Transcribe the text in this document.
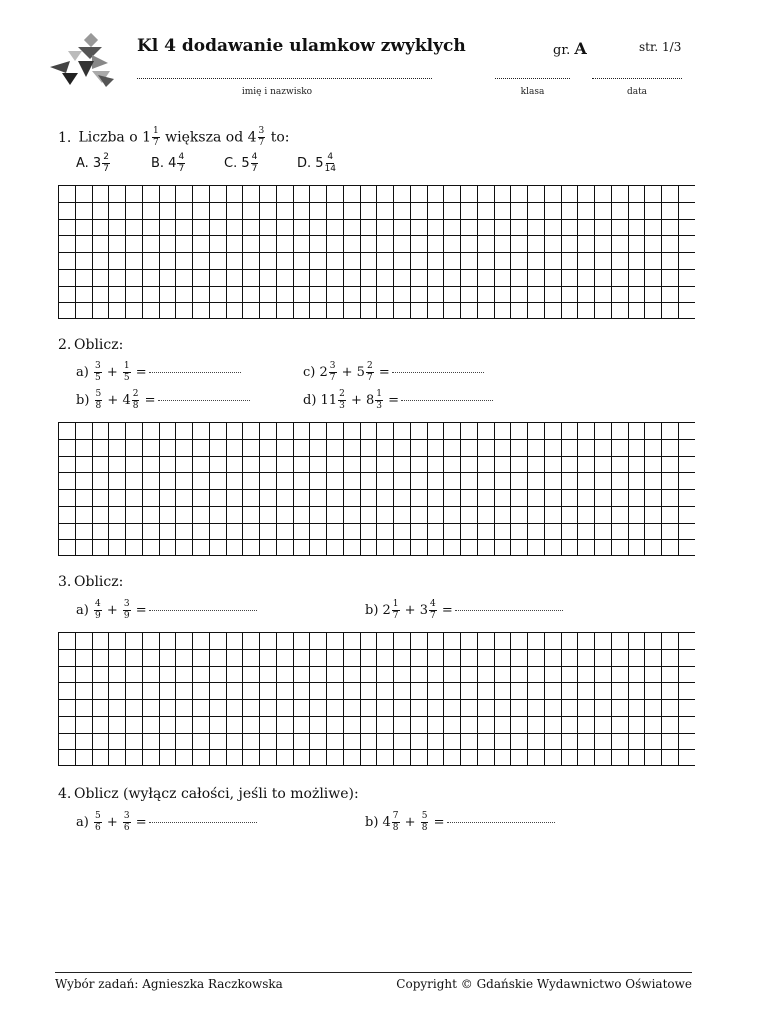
Kl 4 dodawanie ulamkow zwyklych	gr. A	str. 1/3
imię i nazwisko	klasa	data
1. Liczba o $1 \frac{1}{7}$ większa od $4 \frac{3}{7}$ to:
A. $3 \frac{2}{7}$	B. $4 \frac{4}{7}$	C. $5 \frac{4}{7}$	D. $5 \frac{4}{14}$
2. Oblicz:
$a) \frac{3}{5} + \frac{1}{5}$ =	c) $2 \frac{3}{7} + 5 \frac{2}{7}$ =
$b) \frac{5}{8} + 4 \frac{2}{8}$ =	d) $11 \frac{2}{3} + 8 \frac{1}{3}$ =
3. Oblicz:
$a) \frac{4}{9} + \frac{3}{9}$ =	b) $2 \frac{1}{7} + 3 \frac{4}{7}$ =
4. Oblicz (wyłącz całości, jeśli to możliwe):
$a) \frac{5}{6} + \frac{3}{6}$ =	b) $4 \frac{7}{8} + \frac{5}{8}$ =
Wybór zadań: Agnieszka Raczkowska	Copyright © Gdańskie Wydawnictwo Oświatowe
